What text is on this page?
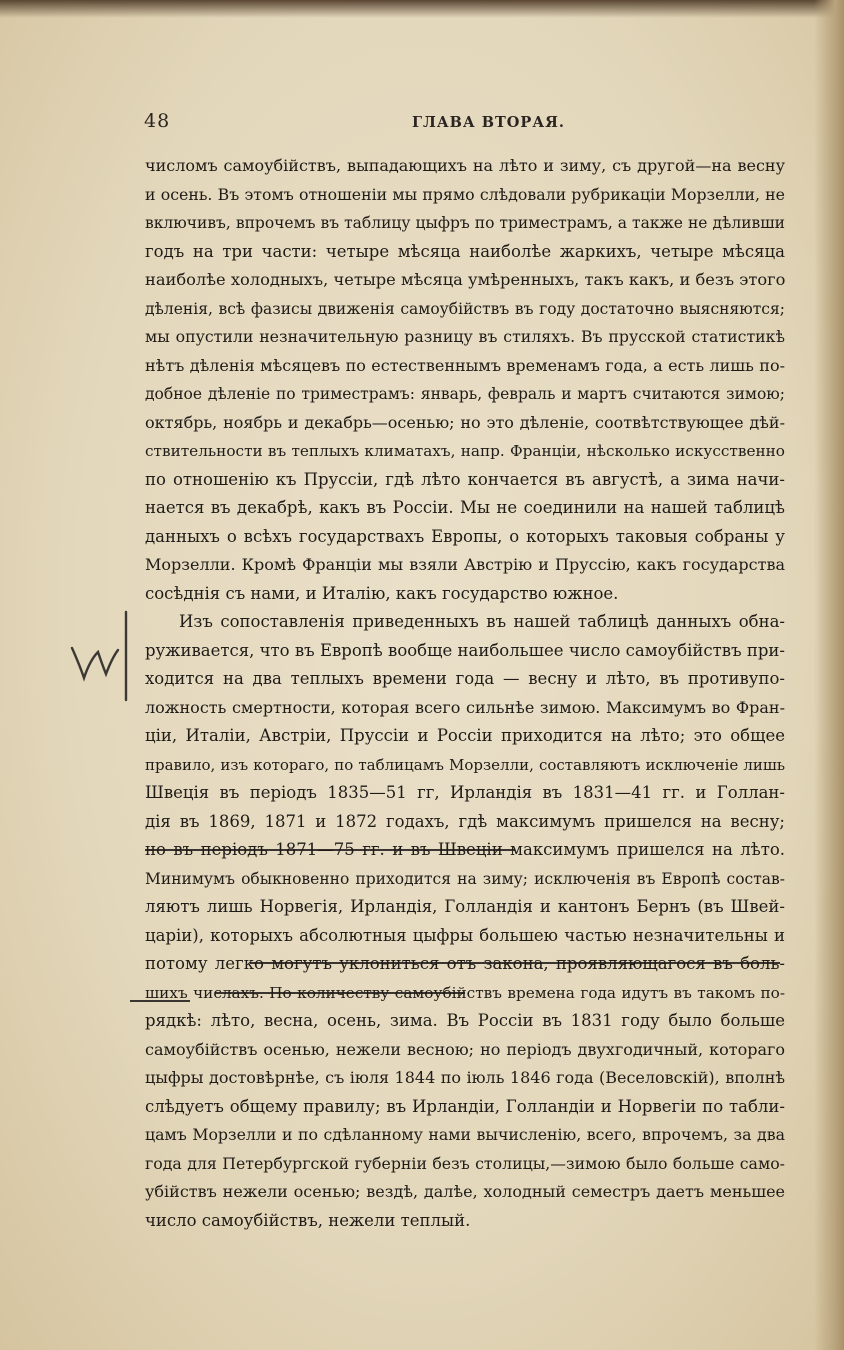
48	ГЛАВА ВТОРАЯ.
числомъ самоубійствъ, выпадающихъ на лѣто и зиму, съ другой—на весну
и осень. Въ этомъ отношеніи мы прямо слѣдовали рубрикаціи Морзелли, не
включивъ, впрочемъ въ таблицу цыфръ по триместрамъ, а также не дѣливши
годъ на три части: четыре мѣсяца наиболѣе жаркихъ, четыре мѣсяца
наиболѣе холодныхъ, четыре мѣсяца умѣренныхъ, такъ какъ, и безъ этого
дѣленія, всѣ фазисы движенія самоубійствъ въ году достаточно выясняются;
мы опустили незначительную разницу въ стиляхъ. Въ прусской статистикѣ
нѣтъ дѣленія мѣсяцевъ по естественнымъ временамъ года, а есть лишь по-
добное дѣленіе по триместрамъ: январь, февраль и мартъ считаются зимою;
октябрь, ноябрь и декабрь—осенью; но это дѣленіе, соотвѣтствующее дѣй-
ствительности въ теплыхъ климатахъ, напр. Франціи, нѣсколько искусственно
по отношенію къ Пруссіи, гдѣ лѣто кончается въ августѣ, а зима начи-
нается въ декабрѣ, какъ въ Россіи. Мы не соединили на нашей таблицѣ
данныхъ о всѣхъ государствахъ Европы, о которыхъ таковыя собраны у
Морзелли. Кромѣ Франціи мы взяли Австрію и Пруссію, какъ государства
сосѣднія съ нами, и Италію, какъ государство южное.
Изъ сопоставленія приведенныхъ въ нашей таблицѣ данныхъ обна-
руживается, что въ Европѣ вообще наибольшее число самоубійствъ при-
ходится на два теплыхъ времени года — весну и лѣто, въ противупо-
ложность смертности, которая всего сильнѣе зимою. Максимумъ во Фран-
ціи, Италіи, Австріи, Пруссіи и Россіи приходится на лѣто; это общее
правило, изъ котораго, по таблицамъ Морзелли, составляютъ исключеніе лишь
Швеція въ періодъ 1835—51 гг, Ирландія въ 1831—41 гг. и Голлан-
дія въ 1869, 1871 и 1872 годахъ, гдѣ максимумъ пришелся на весну;
но въ періодъ 1871—75 гг. и въ Швеціи максимумъ пришелся на лѣто.
Минимумъ обыкновенно приходится на зиму; исключенія въ Европѣ состав-
ляютъ лишь Норвегія, Ирландія, Голландія и кантонъ Бернъ (въ Швей-
царіи), которыхъ абсолютныя цыфры большею частью незначительны и
потому легко могутъ уклониться отъ закона, проявляющагося въ боль-
шихъ числахъ. По количеству самоубійствъ времена года идутъ въ такомъ по-
рядкѣ: лѣто, весна, осень, зима. Въ Россіи въ 1831 году было больше
самоубійствъ осенью, нежели весною; но періодъ двухгодичный, котораго
цыфры достовѣрнѣе, съ іюля 1844 по іюль 1846 года (Веселовскій), вполнѣ
слѣдуетъ общему правилу; въ Ирландіи, Голландіи и Норвегіи по табли-
цамъ Морзелли и по сдѣланному нами вычисленію, всего, впрочемъ, за два
года для Петербургской губерніи безъ столицы,—зимою было больше само-
убійствъ нежели осенью; вездѣ, далѣе, холодный семестръ даетъ меньшее
число самоубійствъ, нежели теплый.
